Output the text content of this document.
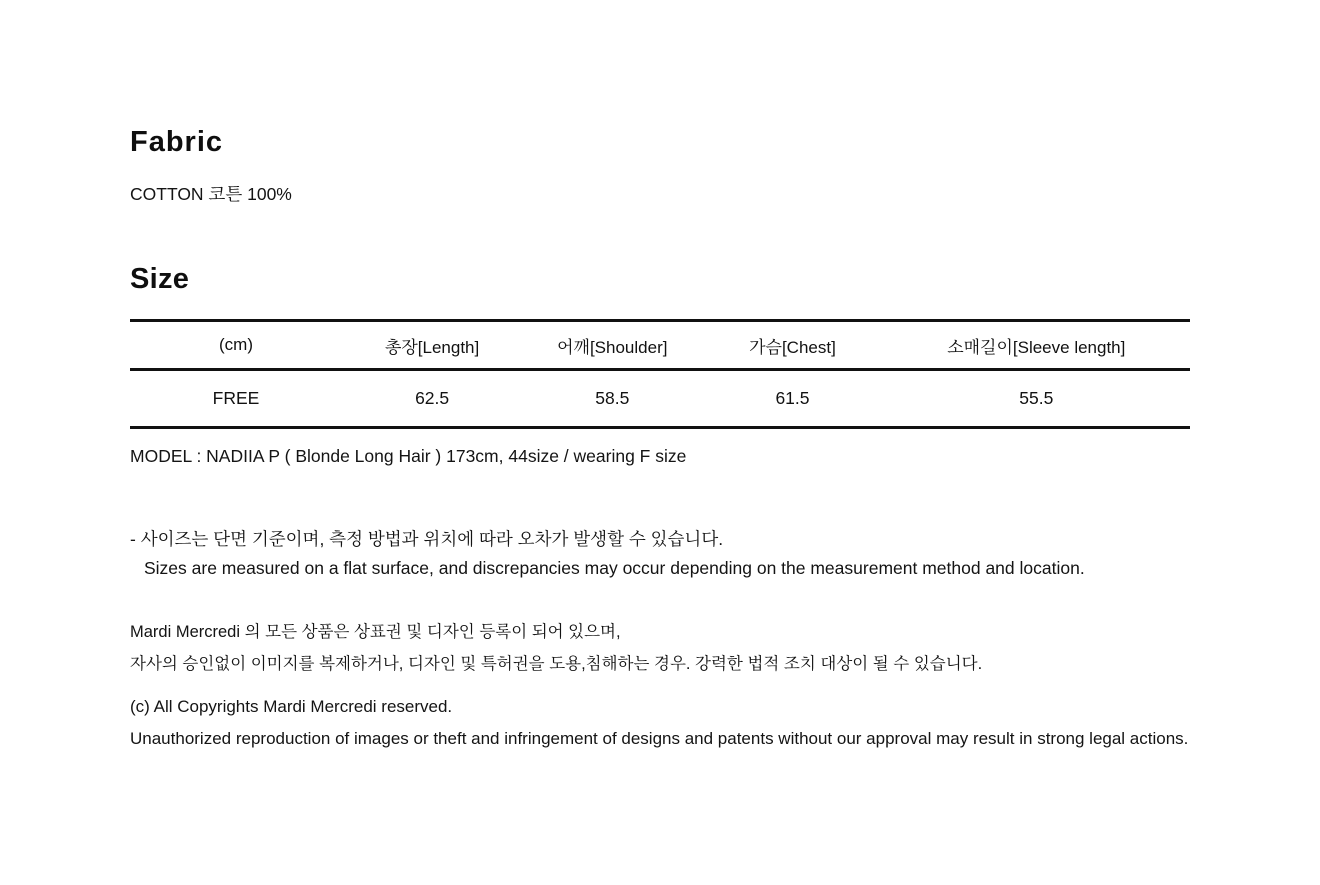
Fabric
COTTON 코튼 100%
Size
(cm)	총장[Length]	어깨[Shoulder]	가슴[Chest]	소매길이[Sleeve length]
FREE	62.5	58.5	61.5	55.5
MODEL : NADIIA P ( Blonde Long Hair ) 173cm, 44size / wearing F size
- 사이즈는 단면 기준이며, 측정 방법과 위치에 따라 오차가 발생할 수 있습니다.
Sizes are measured on a flat surface, and discrepancies may occur depending on the measurement method and location.
Mardi Mercredi 의 모든 상품은 상표권 및 디자인 등록이 되어 있으며,
자사의 승인없이 이미지를 복제하거나, 디자인 및 특허권을 도용,침해하는 경우. 강력한 법적 조치 대상이 될 수 있습니다.
(c) All Copyrights Mardi Mercredi reserved.
Unauthorized reproduction of images or theft and infringement of designs and patents without our approval may result in strong legal actions.
